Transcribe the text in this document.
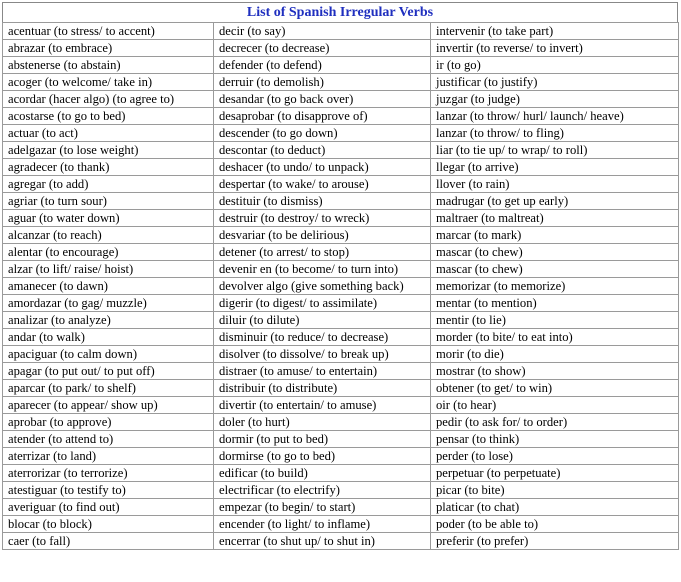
List of Spanish Irregular Verbs
acentuar (to stress/ to accent)	decir (to say)	intervenir (to take part)
abrazar (to embrace)	decrecer (to decrease)	invertir (to reverse/ to invert)
abstenerse (to abstain)	defender (to defend)	ir (to go)
acoger (to welcome/ take in)	derruir (to demolish)	justificar (to justify)
acordar (hacer algo) (to agree to)	desandar (to go back over)	juzgar (to judge)
acostarse (to go to bed)	desaprobar (to disapprove of)	lanzar (to throw/ hurl/ launch/ heave)
actuar (to act)	descender (to go down)	lanzar (to throw/ to fling)
adelgazar (to lose weight)	descontar (to deduct)	liar (to tie up/ to wrap/ to roll)
agradecer (to thank)	deshacer (to undo/ to unpack)	llegar (to arrive)
agregar (to add)	despertar (to wake/ to arouse)	llover (to rain)
agriar (to turn sour)	destituir (to dismiss)	madrugar (to get up early)
aguar (to water down)	destruir (to destroy/ to wreck)	maltraer (to maltreat)
alcanzar (to reach)	desvariar (to be delirious)	marcar (to mark)
alentar (to encourage)	detener (to arrest/ to stop)	mascar (to chew)
alzar (to lift/ raise/ hoist)	devenir en (to become/ to turn into)	mascar (to chew)
amanecer (to dawn)	devolver algo (give something back)	memorizar (to memorize)
amordazar (to gag/ muzzle)	digerir (to digest/ to assimilate)	mentar (to mention)
analizar (to analyze)	diluir (to dilute)	mentir (to lie)
andar (to walk)	disminuir (to reduce/ to decrease)	morder (to bite/ to eat into)
apaciguar (to calm down)	disolver (to dissolve/ to break up)	morir (to die)
apagar (to put out/ to put off)	distraer (to amuse/ to entertain)	mostrar (to show)
aparcar (to park/ to shelf)	distribuir (to distribute)	obtener (to get/ to win)
aparecer (to appear/ show up)	divertir (to entertain/ to amuse)	oir (to hear)
aprobar (to approve)	doler (to hurt)	pedir (to ask for/ to order)
atender (to attend to)	dormir (to put to bed)	pensar (to think)
aterrizar (to land)	dormirse (to go to bed)	perder (to lose)
aterrorizar (to terrorize)	edificar (to build)	perpetuar (to perpetuate)
atestiguar (to testify to)	electrificar (to electrify)	picar (to bite)
averiguar (to find out)	empezar (to begin/ to start)	platicar (to chat)
blocar (to block)	encender (to light/ to inflame)	poder (to be able to)
caer (to fall)	encerrar (to shut up/ to shut in)	preferir (to prefer)
